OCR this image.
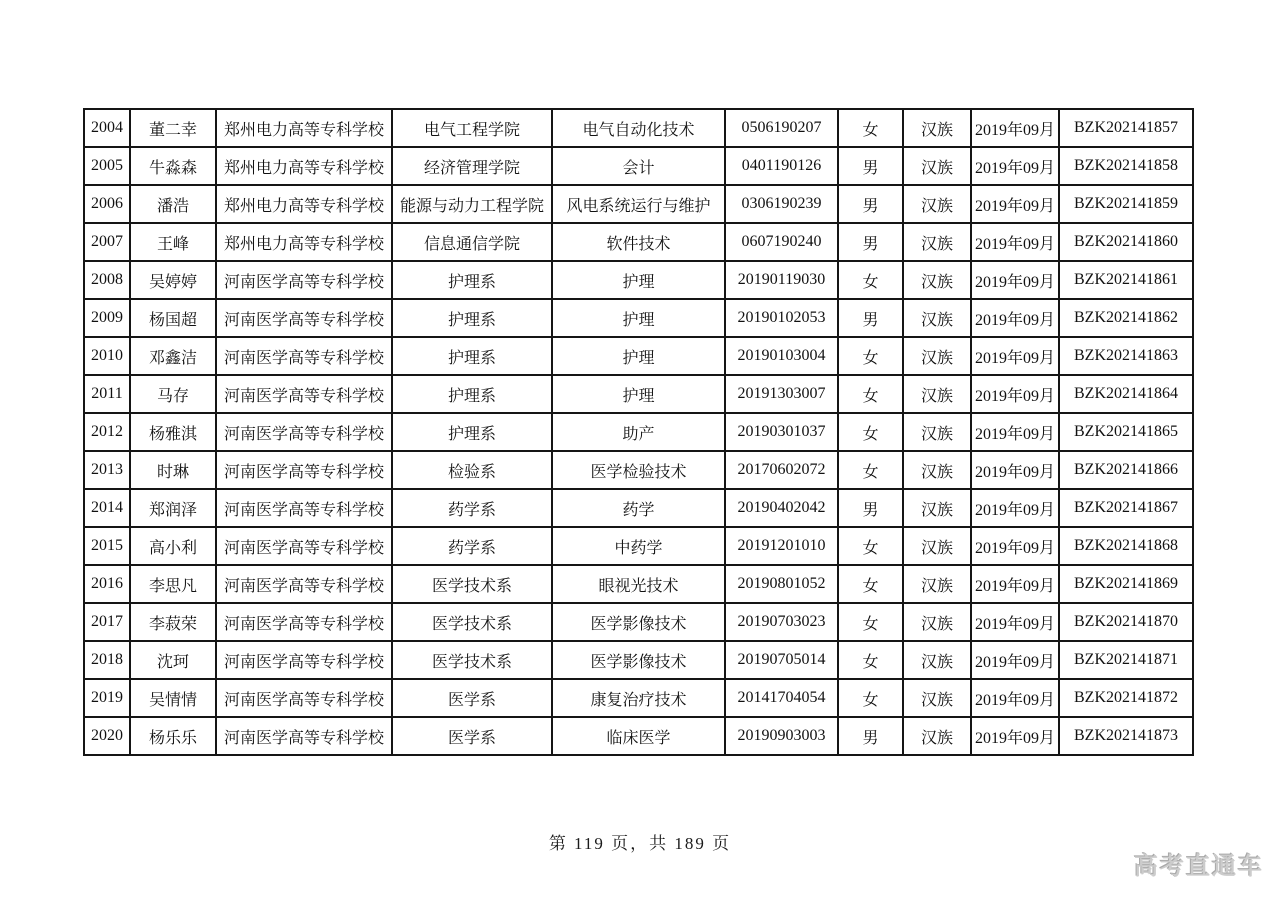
2004	董二幸	郑州电力高等专科学校	电气工程学院	电气自动化技术	0506190207	女	汉族	2019年09月	BZK202141857
2005	牛淼森	郑州电力高等专科学校	经济管理学院	会计	0401190126	男	汉族	2019年09月	BZK202141858
2006	潘浩	郑州电力高等专科学校	能源与动力工程学院	风电系统运行与维护	0306190239	男	汉族	2019年09月	BZK202141859
2007	王峰	郑州电力高等专科学校	信息通信学院	软件技术	0607190240	男	汉族	2019年09月	BZK202141860
2008	吴婷婷	河南医学高等专科学校	护理系	护理	20190119030	女	汉族	2019年09月	BZK202141861
2009	杨国超	河南医学高等专科学校	护理系	护理	20190102053	男	汉族	2019年09月	BZK202141862
2010	邓鑫洁	河南医学高等专科学校	护理系	护理	20190103004	女	汉族	2019年09月	BZK202141863
2011	马存	河南医学高等专科学校	护理系	护理	20191303007	女	汉族	2019年09月	BZK202141864
2012	杨雅淇	河南医学高等专科学校	护理系	助产	20190301037	女	汉族	2019年09月	BZK202141865
2013	时琳	河南医学高等专科学校	检验系	医学检验技术	20170602072	女	汉族	2019年09月	BZK202141866
2014	郑润泽	河南医学高等专科学校	药学系	药学	20190402042	男	汉族	2019年09月	BZK202141867
2015	高小利	河南医学高等专科学校	药学系	中药学	20191201010	女	汉族	2019年09月	BZK202141868
2016	李思凡	河南医学高等专科学校	医学技术系	眼视光技术	20190801052	女	汉族	2019年09月	BZK202141869
2017	李菽荣	河南医学高等专科学校	医学技术系	医学影像技术	20190703023	女	汉族	2019年09月	BZK202141870
2018	沈珂	河南医学高等专科学校	医学技术系	医学影像技术	20190705014	女	汉族	2019年09月	BZK202141871
2019	吴情情	河南医学高等专科学校	医学系	康复治疗技术	20141704054	女	汉族	2019年09月	BZK202141872
2020	杨乐乐	河南医学高等专科学校	医学系	临床医学	20190903003	男	汉族	2019年09月	BZK202141873
第 119 页，共 189 页
高考直通车
